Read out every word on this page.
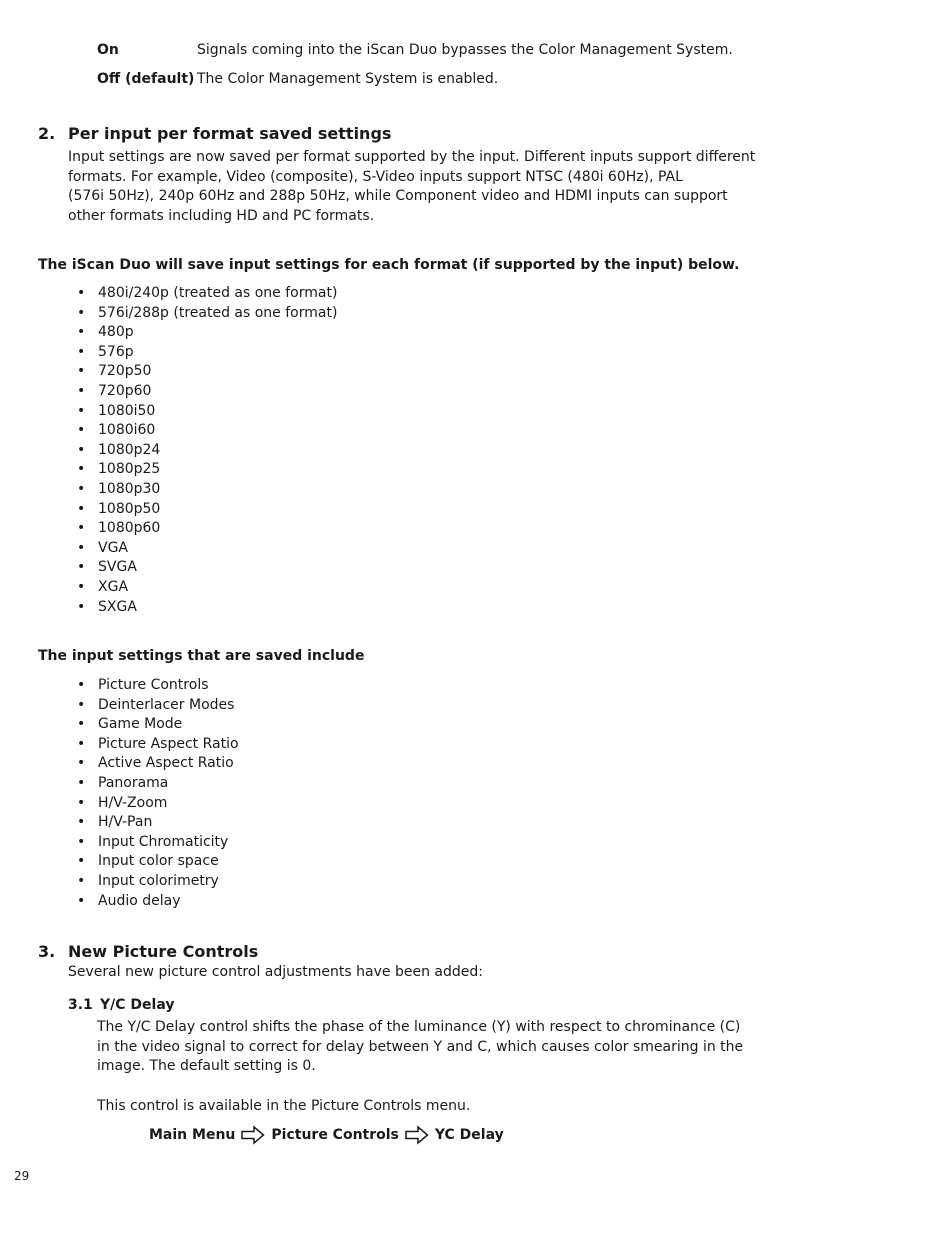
On	Signals coming into the iScan Duo bypasses the Color Management System.
Off (default) The Color Management System is enabled.
2. Per input per format saved settings
Input settings are now saved per format supported by the input. Different inputs support different
formats. For example, Video (composite), S-Video inputs support NTSC (480i 60Hz), PAL
(576i 50Hz), 240p 60Hz and 288p 50Hz, while Component video and HDMI inputs can support
other formats including HD and PC formats.
The iScan Duo will save input settings for each format (if supported by the input) below.
• 480i/240p (treated as one format)
• 576i/288p (treated as one format)
• 480p
• 576p
• 720p50
• 720p60
• 1080i50
• 1080i60
• 1080p24
• 1080p25
• 1080p30
• 1080p50
• 1080p60
• VGA
• SVGA
• XGA
• SXGA
The input settings that are saved include
• Picture Controls
• Deinterlacer Modes
• Game Mode
• Picture Aspect Ratio
• Active Aspect Ratio
• Panorama
• H/V-Zoom
• H/V-Pan
• Input Chromaticity
• Input color space
• Input colorimetry
• Audio delay
3. New Picture Controls
Several new picture control adjustments have been added:
3.1 Y/C Delay
The Y/C Delay control shifts the phase of the luminance (Y) with respect to chrominance (C)
in the video signal to correct for delay between Y and C, which causes color smearing in the
image. The default setting is 0.
This control is available in the Picture Controls menu.
Main Menu	Picture Controls	YC Delay
29
